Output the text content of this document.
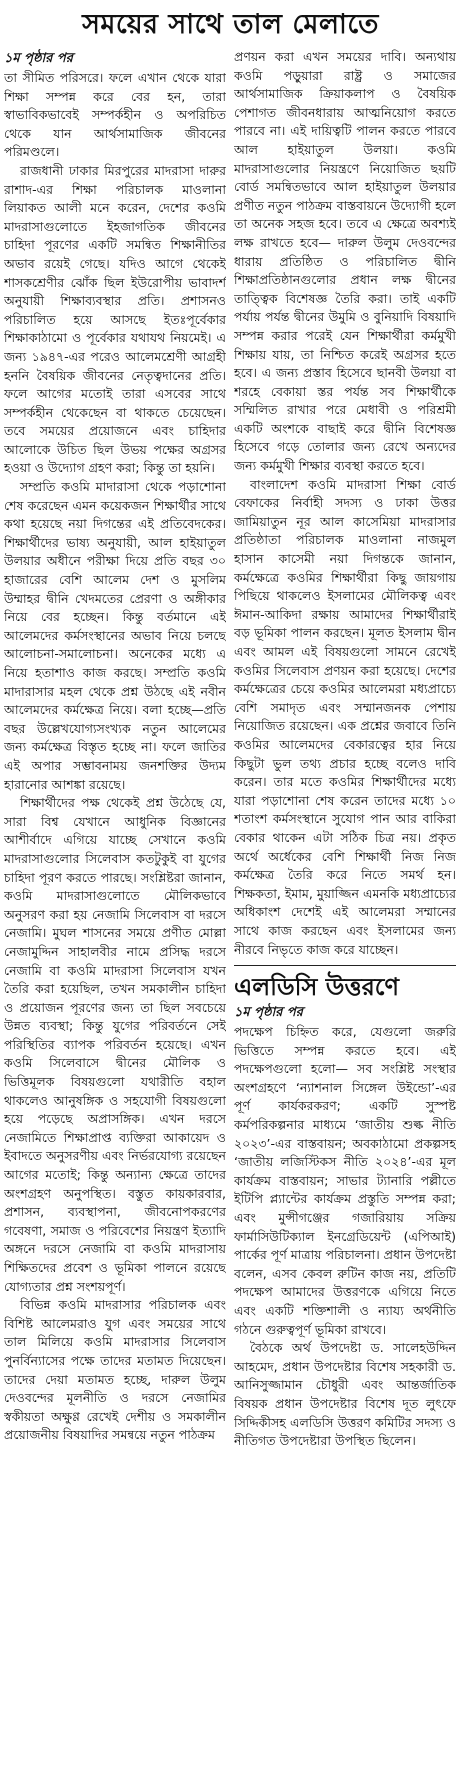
সময়ের সাথে তাল মেলাতে
১ম পৃষ্ঠার পর

তা সীমিত পরিসরে। ফলে এখান থেকে যারা শিক্ষা সম্পন্ন করে বের হন, তারা স্বাভাবিকভাবেই সম্পর্কহীন ও অপরিচিত থেকে যান আর্থসামাজিক জীবনের পরিমণ্ডলে।

রাজধানী ঢাকার মিরপুরের মাদরাসা দারুর রাশাদ-এর শিক্ষা পরিচালক মাওলানা লিয়াকত আলী মনে করেন, দেশের কওমি মাদরাসাগুলোতে ইহজাগতিক জীবনের চাহিদা পূরণের একটি সমন্বিত শিক্ষানীতির অভাব রয়েই গেছে। যদিও আগে থেকেই শাসকশ্রেণীর ঝোঁক ছিল ইউরোপীয় ভাবাদর্শ অনুযায়ী শিক্ষাব্যবস্থার প্রতি। প্রশাসনও পরিচালিত হয়ে আসছে ইতঃপূর্বেকার শিক্ষাকাঠামো ও পূর্বেকার যথাযথ নিয়মেই। এ জন্য ১৯৪৭-এর পরেও আলেমশ্রেণী আগ্রহী হননি বৈষয়িক জীবনের নেতৃত্বদানের প্রতি। ফলে আগের মতোই তারা এসবের সাথে সম্পর্কহীন থেকেছেন বা থাকতে চেয়েছেন। তবে সময়ের প্রয়োজনে এবং চাহিদার আলোকে উচিত ছিল উভয় পক্ষের অগ্রসর হওয়া ও উদ্যোগ গ্রহণ করা; কিন্তু তা হয়নি।

সম্প্রতি কওমি মাদারাসা থেকে পড়াশোনা শেষ করেছেন এমন কয়েকজন শিক্ষার্থীর সাথে কথা হয়েছে নয়া দিগন্তের এই প্রতিবেদকের। শিক্ষার্থীদের ভাষ্য অনুযায়ী, আল হাইয়াতুল উলয়ার অধীনে পরীক্ষা দিয়ে প্রতি বছর ৩০ হাজারের বেশি আলেম দেশ ও মুসলিম উম্মাহর দ্বীনি খেদমতের প্রেরণা ও অঙ্গীকার নিয়ে বের হচ্ছেন। কিন্তু বর্তমানে এই আলেমদের কর্মসংস্থানের অভাব নিয়ে চলছে আলোচনা-সমালোচনা। অনেকের মধ্যে এ নিয়ে হতাশাও কাজ করছে। সম্প্রতি কওমি মাদারাসার মহল থেকে প্রশ্ন উঠছে এই নবীন আলেমদের কর্মক্ষেত্র নিয়ে। বলা হচ্ছে—প্রতি বছর উল্লেখযোগ্যসংখ্যক নতুন আলেমের জন্য কর্মক্ষেত্র বিস্তৃত হচ্ছে না। ফলে জাতির এই অপার সম্ভাবনাময় জনশক্তির উদ্যম হারানোর আশঙ্কা রয়েছে।

শিক্ষার্থীদের পক্ষ থেকেই প্রশ্ন উঠেছে যে, সারা বিশ্ব যেখানে আধুনিক বিজ্ঞানের আশীর্বাদে এগিয়ে যাচ্ছে সেখানে কওমি মাদরাসাগুলোর সিলেবাস কতটুকুই বা যুগের চাহিদা পূরণ করতে পারছে। সংশ্লিষ্টরা জানান, কওমি মাদরাসাগুলোতে মৌলিকভাবে অনুসরণ করা হয় নেজামি সিলেবাস বা দরসে নেজামি। মুঘল শাসনের সময়ে প্রণীত মোল্লা নেজামুদ্দিন সাহালবীর নামে প্রসিদ্ধ দরসে নেজামি বা কওমি মাদরাসা সিলেবাস যখন তৈরি করা হয়েছিল, তখন সমকালীন চাহিদা ও প্রয়োজন পূরণের জন্য তা ছিল সবচেয়ে উন্নত ব্যবস্থা; কিন্তু যুগের পরিবর্তনে সেই পরিস্থিতির ব্যাপক পরিবর্তন হয়েছে। এখন কওমি সিলেবাসে দ্বীনের মৌলিক ও ভিত্তিমূলক বিষয়গুলো যথারীতি বহাল থাকলেও আনুষঙ্গিক ও সহযোগী বিষয়গুলো হয়ে পড়েছে অপ্রাসঙ্গিক। এখন দরসে নেজামিতে শিক্ষাপ্রাপ্ত ব্যক্তিরা আকায়েদ ও ইবাদতে অনুসরণীয় এবং নির্ভরযোগ্য রয়েছেন আগের মতোই; কিন্তু অন্যান্য ক্ষেত্রে তাদের অংশগ্রহণ অনুপস্থিত। বস্তুত কায়কারবার, প্রশাসন, ব্যবস্থাপনা, জীবনোপকরণের গবেষণা, সমাজ ও পরিবেশের নিয়ন্ত্রণ ইত্যাদি অঙ্গনে দরসে নেজামি বা কওমি মাদরাসায় শিক্ষিতদের প্রবেশ ও ভূমিকা পালনে রয়েছে যোগ্যতার প্রশ্ন সংশয়পূর্ণ।

বিভিন্ন কওমি মাদরাসার পরিচালক এবং বিশিষ্ট আলেমরাও যুগ এবং সময়ের সাথে তাল মিলিয়ে কওমি মাদরাসার সিলেবাস পুনর্বিন্যাসের পক্ষে তাদের মতামত দিয়েছেন। তাদের দেয়া মতামত হচ্ছে, দারুল উলুম দেওবন্দের মূলনীতি ও দরসে নেজামির স্বকীয়তা অক্ষুণ্ণ রেখেই দেশীয় ও সমকালীন প্রয়োজনীয় বিষয়াদির সমন্বয়ে নতুন পাঠক্রম

প্রণয়ন করা এখন সময়ের দাবি। অন্যথায় কওমি পড়ুয়ারা রাষ্ট্র ও সমাজের আর্থসামাজিক ক্রিয়াকলাপ ও বৈষয়িক পেশাগত জীবনধারায় আত্মনিয়োগ করতে পারবে না। এই দায়িত্বটি পালন করতে পারবে আল হাইয়াতুল উলয়া। কওমি মাদরাসাগুলোর নিয়ন্ত্রণে নিয়োজিত ছয়টি বোর্ড সমন্বিতভাবে আল হাইয়াতুল উলয়ার প্রণীত নতুন পাঠক্রম বাস্তবায়নে উদ্যোগী হলে তা অনেক সহজ হবে। তবে এ ক্ষেত্রে অবশ্যই লক্ষ রাখতে হবে— দারুল উলুম দেওবন্দের ধারায় প্রতিষ্ঠিত ও পরিচালিত দ্বীনি শিক্ষাপ্রতিষ্ঠানগুলোর প্রধান লক্ষ দ্বীনের তাত্ত্বিক বিশেষজ্ঞ তৈরি করা। তাই একটি পর্যায় পর্যন্ত দ্বীনের উমুমি ও বুনিয়াদি বিষয়াদি সম্পন্ন করার পরেই যেন শিক্ষার্থীরা কর্মমুখী শিক্ষায় যায়, তা নিশ্চিত করেই অগ্রসর হতে হবে। এ জন্য প্রস্তাব হিসেবে ছানবী উলয়া বা শরহে বেকায়া স্তর পর্যন্ত সব শিক্ষার্থীকে সম্মিলিত রাখার পরে মেধাবী ও পরিশ্রমী একটি অংশকে বাছাই করে দ্বীনি বিশেষজ্ঞ হিসেবে গড়ে তোলার জন্য রেখে অন্যদের জন্য কর্মমুখী শিক্ষার ব্যবস্থা করতে হবে।

বাংলাদেশ কওমি মাদরাসা শিক্ষা বোর্ড বেফাকের নির্বাহী সদস্য ও ঢাকা উত্তর জামিয়াতুন নূর আল কাসেমিয়া মাদরাসার প্রতিষ্ঠাতা পরিচালক মাওলানা নাজমুল হাসান কাসেমী নয়া দিগন্তকে জানান, কর্মক্ষেত্রে কওমির শিক্ষার্থীরা কিছু জায়গায় পিছিয়ে থাকলেও ইসলামের মৌলিকত্ব এবং ঈমান-আকিদা রক্ষায় আমাদের শিক্ষার্থীরাই বড় ভূমিকা পালন করছেন। মূলত ইসলাম দ্বীন এবং আমল এই বিষয়গুলো সামনে রেখেই কওমির সিলেবাস প্রণয়ন করা হয়েছে। দেশের কর্মক্ষেত্রের চেয়ে কওমির আলেমরা মধ্যপ্রাচ্যে বেশি সমাদৃত এবং সম্মানজনক পেশায় নিয়োজিত রয়েছেন। এক প্রশ্নের জবাবে তিনি কওমির আলেমদের বেকারত্বের হার নিয়ে কিছুটা ভুল তথ্য প্রচার হচ্ছে বলেও দাবি করেন। তার মতে কওমির শিক্ষার্থীদের মধ্যে যারা পড়াশোনা শেষ করেন তাদের মধ্যে ১০ শতাংশ কর্মসংস্থানে সুযোগ পান আর বাকিরা বেকার থাকেন এটা সঠিক চিত্র নয়। প্রকৃত অর্থে অর্ধেকের বেশি শিক্ষার্থী নিজ নিজ কর্মক্ষেত্র তৈরি করে নিতে সমর্থ হন। শিক্ষকতা, ইমাম, মুয়াজ্জিন এমনকি মধ্যপ্রাচ্যের অধিকাংশ দেশেই এই আলেমরা সম্মানের সাথে কাজ করছেন এবং ইসলামের জন্য নীরবে নিভৃতে কাজ করে যাচ্ছেন।

এলডিসি উত্তরণে
১ম পৃষ্ঠার পর

পদক্ষেপ চিহ্নিত করে, যেগুলো জরুরি ভিত্তিতে সম্পন্ন করতে হবে। এই পদক্ষেপগুলো হলো— সব সংশ্লিষ্ট সংস্থার অংশগ্রহণে ‘ন্যাশনাল সিঙ্গেল উইন্ডো’-এর পূর্ণ কার্যকরকরণ; একটি সুস্পষ্ট কর্মপরিকল্পনার মাধ্যমে ‘জাতীয় শুল্ক নীতি ২০২৩’-এর বাস্তবায়ন; অবকাঠামো প্রকল্পসহ ‘জাতীয় লজিস্টিকস নীতি ২০২৪’-এর মূল কার্যক্রম বাস্তবায়ন; সাভার ট্যানারি পল্লীতে ইটিপি প্ল্যান্টের কার্যক্রম প্রস্তুতি সম্পন্ন করা; এবং মুন্সীগঞ্জের গজারিয়ায় সক্রিয় ফার্মাসিউটিক্যাল ইনগ্রেডিয়েন্ট (এপিআই) পার্কের পূর্ণ মাত্রায় পরিচালনা। প্রধান উপদেষ্টা বলেন, এসব কেবল রুটিন কাজ নয়, প্রতিটি পদক্ষেপ আমাদের উত্তরণকে এগিয়ে নিতে এবং একটি শক্তিশালী ও ন্যায্য অর্থনীতি গঠনে গুরুত্বপূর্ণ ভূমিকা রাখবে।

বৈঠকে অর্থ উপদেষ্টা ড. সালেহউদ্দিন আহমেদ, প্রধান উপদেষ্টার বিশেষ সহকারী ড. আনিসুজ্জামান চৌধুরী এবং আন্তর্জাতিক বিষয়ক প্রধান উপদেষ্টার বিশেষ দূত লুৎফে সিদ্দিকীসহ এলডিসি উত্তরণ কমিটির সদস্য ও নীতিগত উপদেষ্টারা উপস্থিত ছিলেন।
